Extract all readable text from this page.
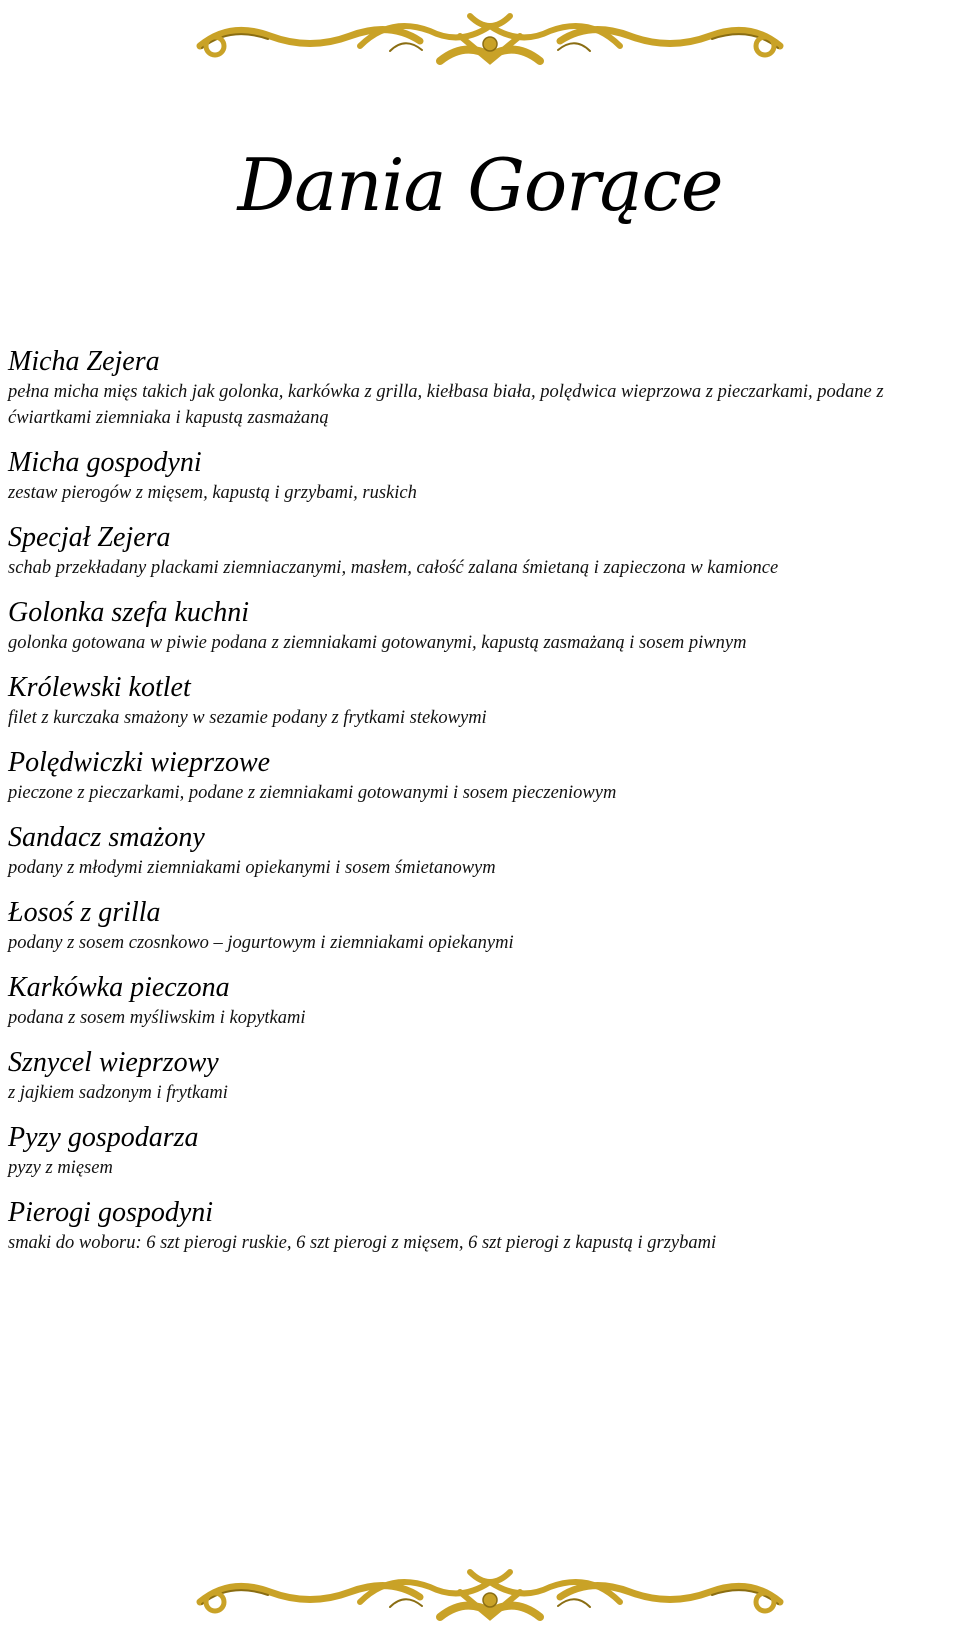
Dania Gorące
Micha Zejera
pełna micha mięs takich jak golonka, karkówka z grilla, kiełbasa biała, polędwica wieprzowa z pieczarkami, podane z ćwiartkami ziemniaka i kapustą zasmażaną
Micha gospodyni
zestaw pierogów z mięsem, kapustą i grzybami, ruskich
Specjał Zejera
schab przekładany plackami ziemniaczanymi, masłem, całość zalana śmietaną i zapieczona w kamionce
Golonka szefa kuchni
golonka gotowana w piwie podana z ziemniakami gotowanymi, kapustą zasmażaną i sosem piwnym
Królewski kotlet
filet z kurczaka smażony w sezamie podany z frytkami stekowymi
Polędwiczki wieprzowe
pieczone z pieczarkami, podane z ziemniakami gotowanymi i sosem pieczeniowym
Sandacz smażony
podany z młodymi ziemniakami opiekanymi i sosem śmietanowym
Łosoś z grilla
podany z sosem czosnkowo – jogurtowym i ziemniakami opiekanymi
Karkówka pieczona
podana z sosem myśliwskim i kopytkami
Sznycel wieprzowy
z jajkiem sadzonym i frytkami
Pyzy gospodarza
pyzy z mięsem
Pierogi gospodyni
smaki do woboru: 6 szt pierogi ruskie, 6 szt pierogi z mięsem, 6 szt pierogi z kapustą i grzybami
